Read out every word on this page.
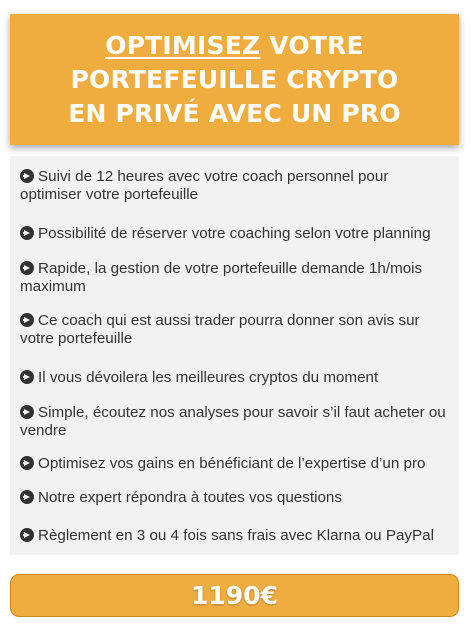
OPTIMISEZ VOTRE
PORTEFEUILLE CRYPTO
EN PRIVÉ AVEC UN PRO
Suivi de 12 heures avec votre coach personnel pour optimiser votre portefeuille
Possibilité de réserver votre coaching selon votre planning
Rapide, la gestion de votre portefeuille demande 1h/mois maximum
Ce coach qui est aussi trader pourra donner son avis sur votre portefeuille
Il vous dévoilera les meilleures cryptos du moment
Simple, écoutez nos analyses pour savoir s’il faut acheter ou vendre
Optimisez vos gains en bénéficiant de l’expertise d’un pro
Notre expert répondra à toutes vos questions
Règlement en 3 ou 4 fois sans frais avec Klarna ou PayPal
1190€
